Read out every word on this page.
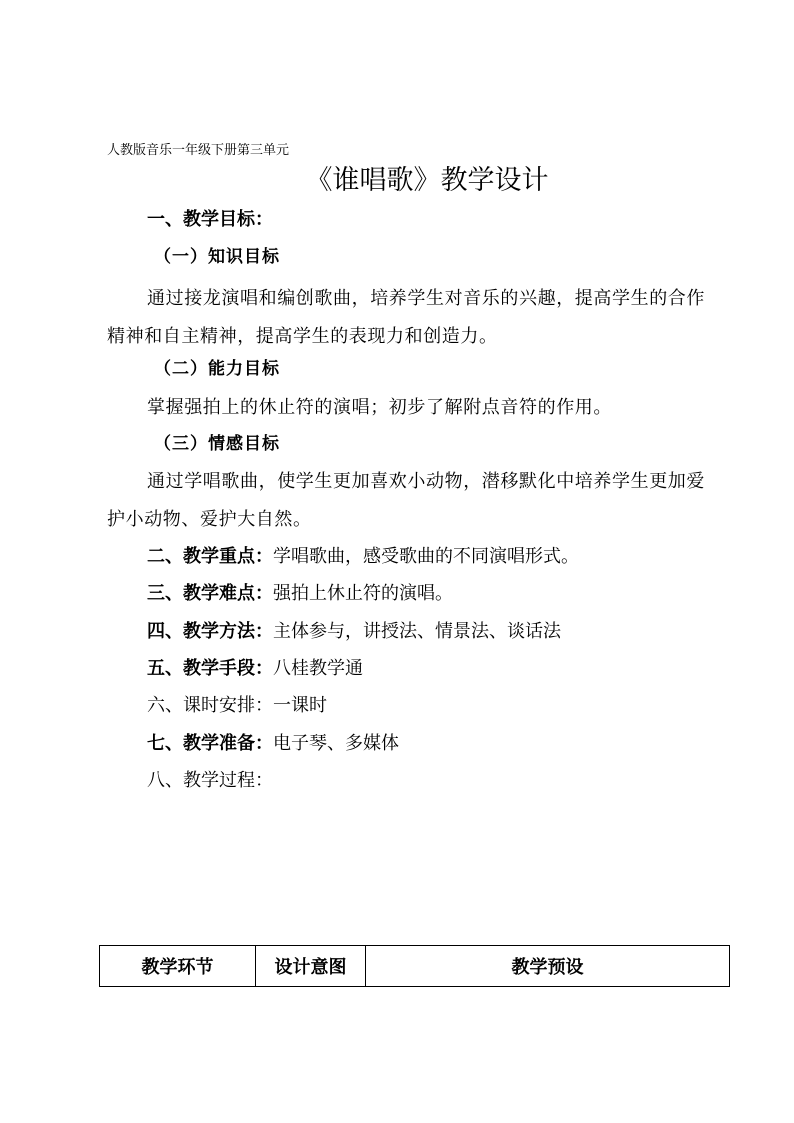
人教版音乐一年级下册第三单元
《谁唱歌》教学设计
一、教学目标：
（一）知识目标
通过接龙演唱和编创歌曲，培养学生对音乐的兴趣，提高学生的合作精神和自主精神，提高学生的表现力和创造力。
（二）能力目标
掌握强拍上的休止符的演唱；初步了解附点音符的作用。
（三）情感目标
通过学唱歌曲，使学生更加喜欢小动物，潜移默化中培养学生更加爱护小动物、爱护大自然。
二、教学重点：学唱歌曲，感受歌曲的不同演唱形式。
三、教学难点：强拍上休止符的演唱。
四、教学方法：主体参与，讲授法、情景法、谈话法
五、教学手段：八桂教学通
六、课时安排：一课时
七、教学准备：电子琴、多媒体
八、教学过程：
教学环节	设计意图	教学预设
